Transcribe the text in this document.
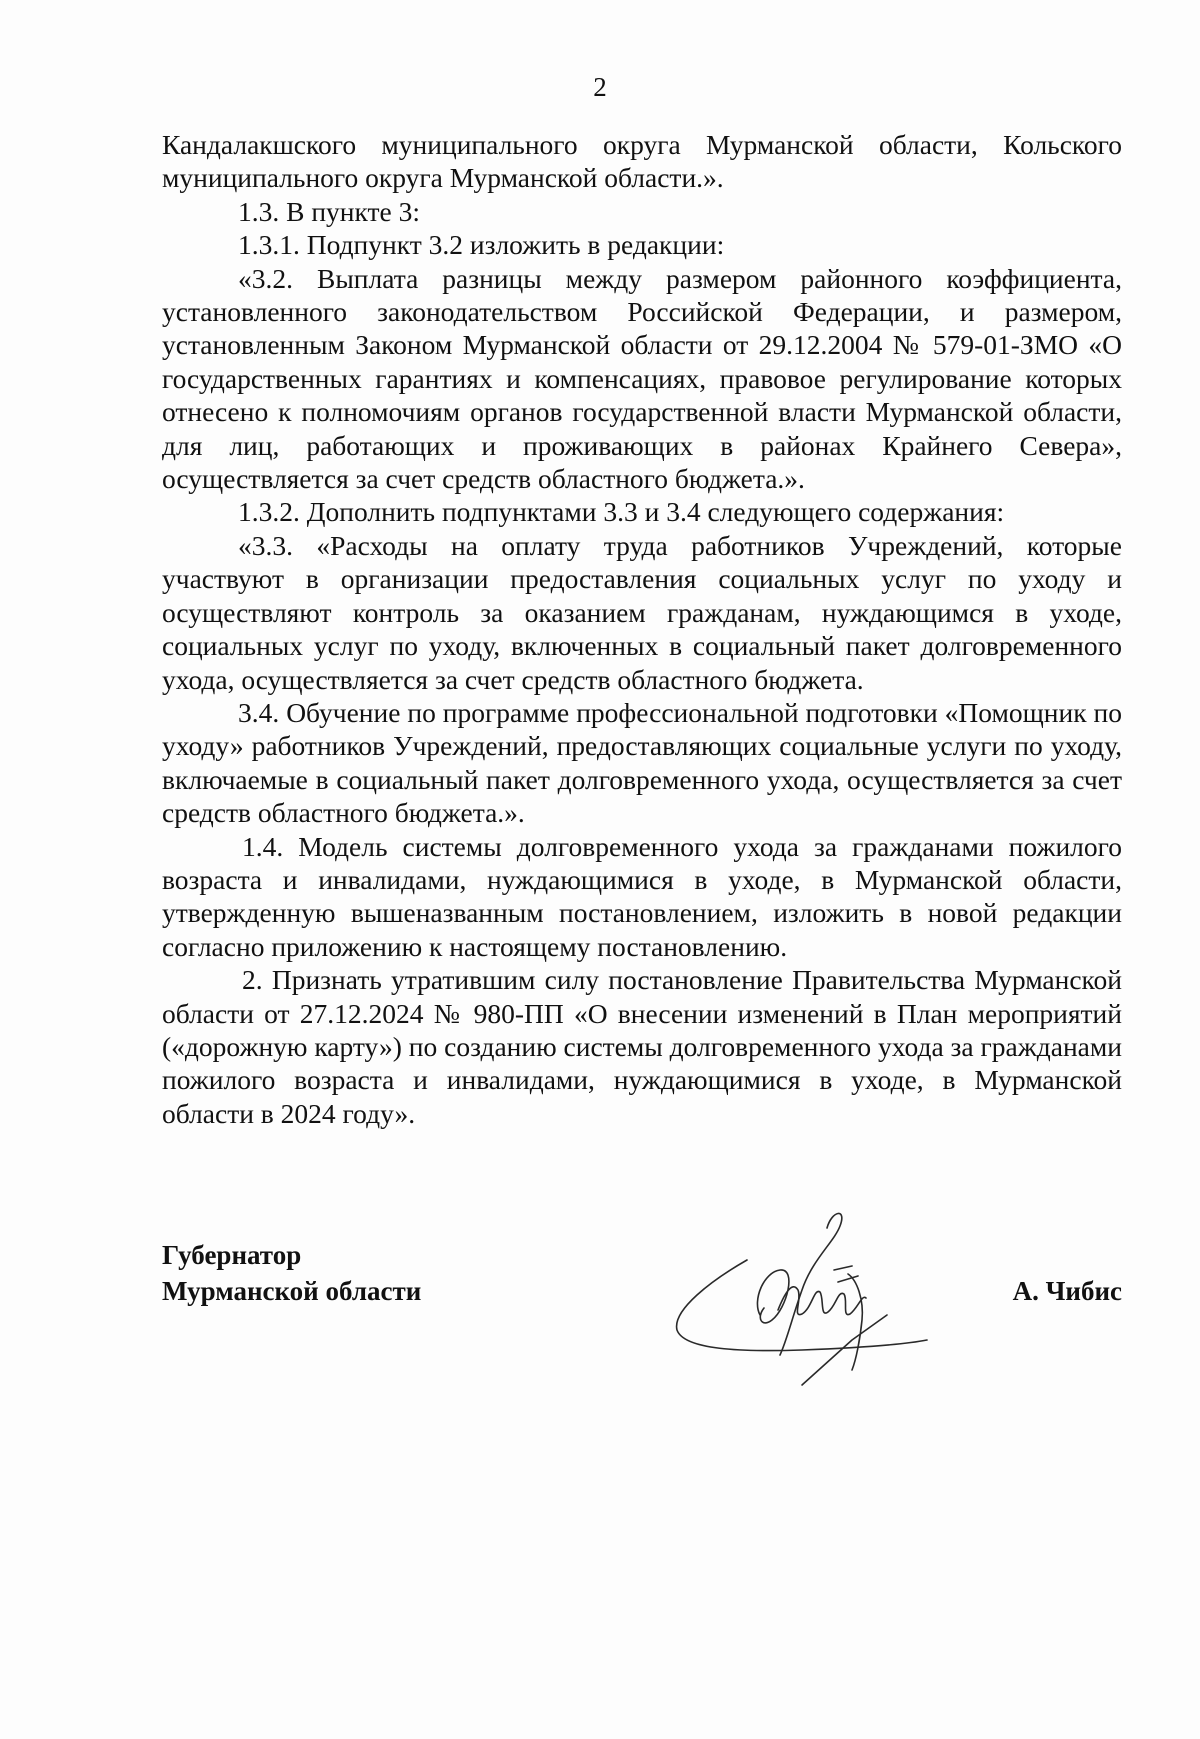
2

Кандалакшского муниципального округа Мурманской области, Кольского муниципального округа Мурманской области.».

1.3. В пункте 3:

1.3.1. Подпункт 3.2 изложить в редакции:

«3.2. Выплата разницы между размером районного коэффициента, установленного законодательством Российской Федерации, и размером, установленным Законом Мурманской области от 29.12.2004 № 579-01-ЗМО «О государственных гарантиях и компенсациях, правовое регулирование которых отнесено к полномочиям органов государственной власти Мурманской области, для лиц, работающих и проживающих в районах Крайнего Севера», осуществляется за счет средств областного бюджета.».

1.3.2. Дополнить подпунктами 3.3 и 3.4 следующего содержания:

«3.3. «Расходы на оплату труда работников Учреждений, которые участвуют в организации предоставления социальных услуг по уходу и осуществляют контроль за оказанием гражданам, нуждающимся в уходе, социальных услуг по уходу, включенных в социальный пакет долговременного ухода, осуществляется за счет средств областного бюджета.

3.4. Обучение по программе профессиональной подготовки «Помощник по уходу» работников Учреждений, предоставляющих социальные услуги по уходу, включаемые в социальный пакет долговременного ухода, осуществляется за счет средств областного бюджета.».

1.4. Модель системы долговременного ухода за гражданами пожилого возраста и инвалидами, нуждающимися в уходе, в Мурманской области, утвержденную вышеназванным постановлением, изложить в новой редакции согласно приложению к настоящему постановлению.

2. Признать утратившим силу постановление Правительства Мурманской области от 27.12.2024 № 980-ПП «О внесении изменений в План мероприятий («дорожную карту») по созданию системы долговременного ухода за гражданами пожилого возраста и инвалидами, нуждающимися в уходе, в Мурманской области в 2024 году».

Губернатор
Мурманской области	А. Чибис
